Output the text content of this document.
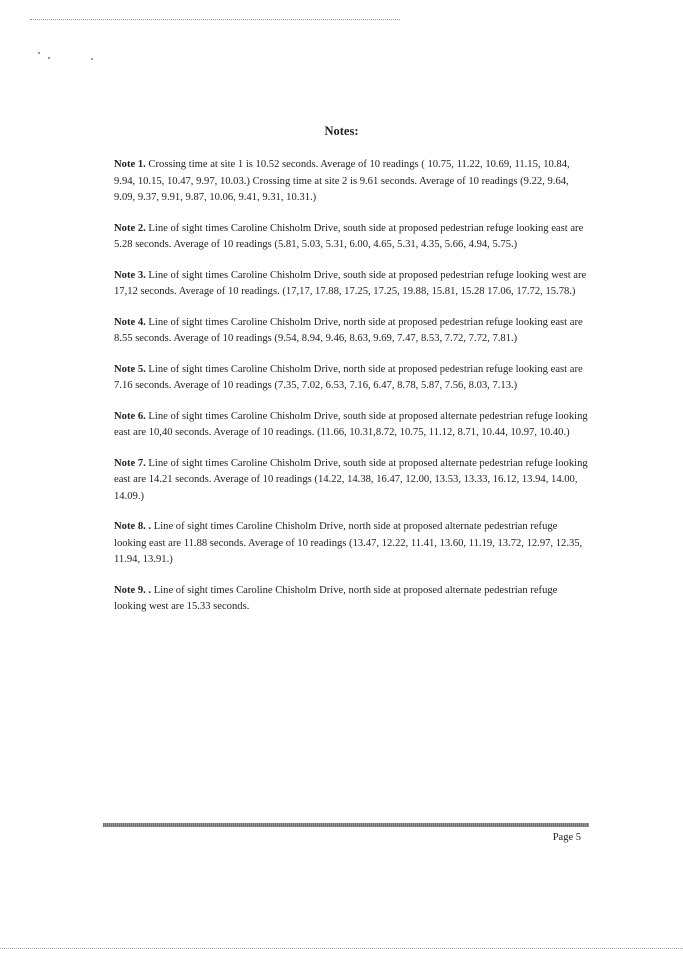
Notes:

Note 1. Crossing time at site 1 is 10.52 seconds. Average of 10 readings ( 10.75, 11.22, 10.69, 11.15, 10.84, 9.94, 10.15, 10.47, 9.97, 10.03.) Crossing time at site 2 is 9.61 seconds. Average of 10 readings (9.22, 9.64, 9.09, 9.37, 9.91, 9.87, 10.06, 9.41, 9.31, 10.31.)

Note 2. Line of sight times Caroline Chisholm Drive, south side at proposed pedestrian refuge looking east are 5.28 seconds. Average of 10 readings (5.81, 5.03, 5.31, 6.00, 4.65, 5.31, 4.35, 5.66, 4.94, 5.75.)

Note 3. Line of sight times Caroline Chisholm Drive, south side at proposed pedestrian refuge looking west are 17,12 seconds. Average of 10 readings. (17,17, 17.88, 17.25, 17.25, 19.88, 15.81, 15.28 17.06, 17.72, 15.78.)

Note 4. Line of sight times Caroline Chisholm Drive, north side at proposed pedestrian refuge looking east are 8.55 seconds. Average of 10 readings (9.54, 8.94, 9.46, 8.63, 9.69, 7.47, 8.53, 7.72, 7.72, 7.81.)

Note 5. Line of sight times Caroline Chisholm Drive, north side at proposed pedestrian refuge looking east are 7.16 seconds. Average of 10 readings (7.35, 7.02, 6.53, 7.16, 6.47, 8.78, 5.87, 7.56, 8.03, 7.13.)

Note 6. Line of sight times Caroline Chisholm Drive, south side at proposed alternate pedestrian refuge looking east are 10,40 seconds. Average of 10 readings. (11.66, 10.31,8.72, 10.75, 11.12, 8.71, 10.44, 10.97, 10.40.)

Note 7. Line of sight times Caroline Chisholm Drive, south side at proposed alternate pedestrian refuge looking east are 14.21 seconds. Average of 10 readings (14.22, 14.38, 16.47, 12.00, 13.53, 13.33, 16.12, 13.94, 14.00, 14.09.)

Note 8. . Line of sight times Caroline Chisholm Drive, north side at proposed alternate pedestrian refuge looking east are 11.88 seconds. Average of 10 readings (13.47, 12.22, 11.41, 13.60, 11.19, 13.72, 12.97, 12.35, 11.94, 13.91.)

Note 9. . Line of sight times Caroline Chisholm Drive, north side at proposed alternate pedestrian refuge looking west are 15.33 seconds.

Page 5
